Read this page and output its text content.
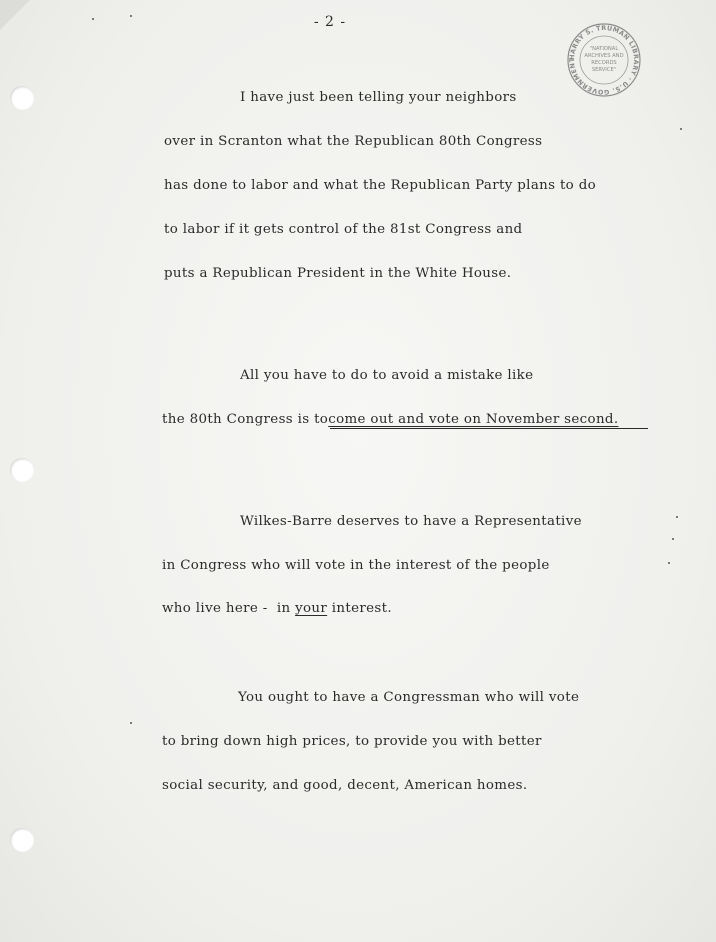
- 2 -
HARRY S. TRUMAN LIBRARY · U.S. GOVERNMENT
"NATIONAL
ARCHIVES AND
RECORDS
SERVICE"
I have just been telling your neighbors
over in Scranton what the Republican 80th Congress
has done to labor and what the Republican Party plans to do
to labor if it gets control of the 81st Congress and
puts a Republican President in the White House.
All you have to do to avoid a mistake like
the 80th Congress is tocome out and vote on November second.
Wilkes-Barre deserves to have a Representative
in Congress who will vote in the interest of the people
who live here -  in your interest.
You ought to have a Congressman who will vote
to bring down high prices, to provide you with better
social security, and good, decent, American homes.
